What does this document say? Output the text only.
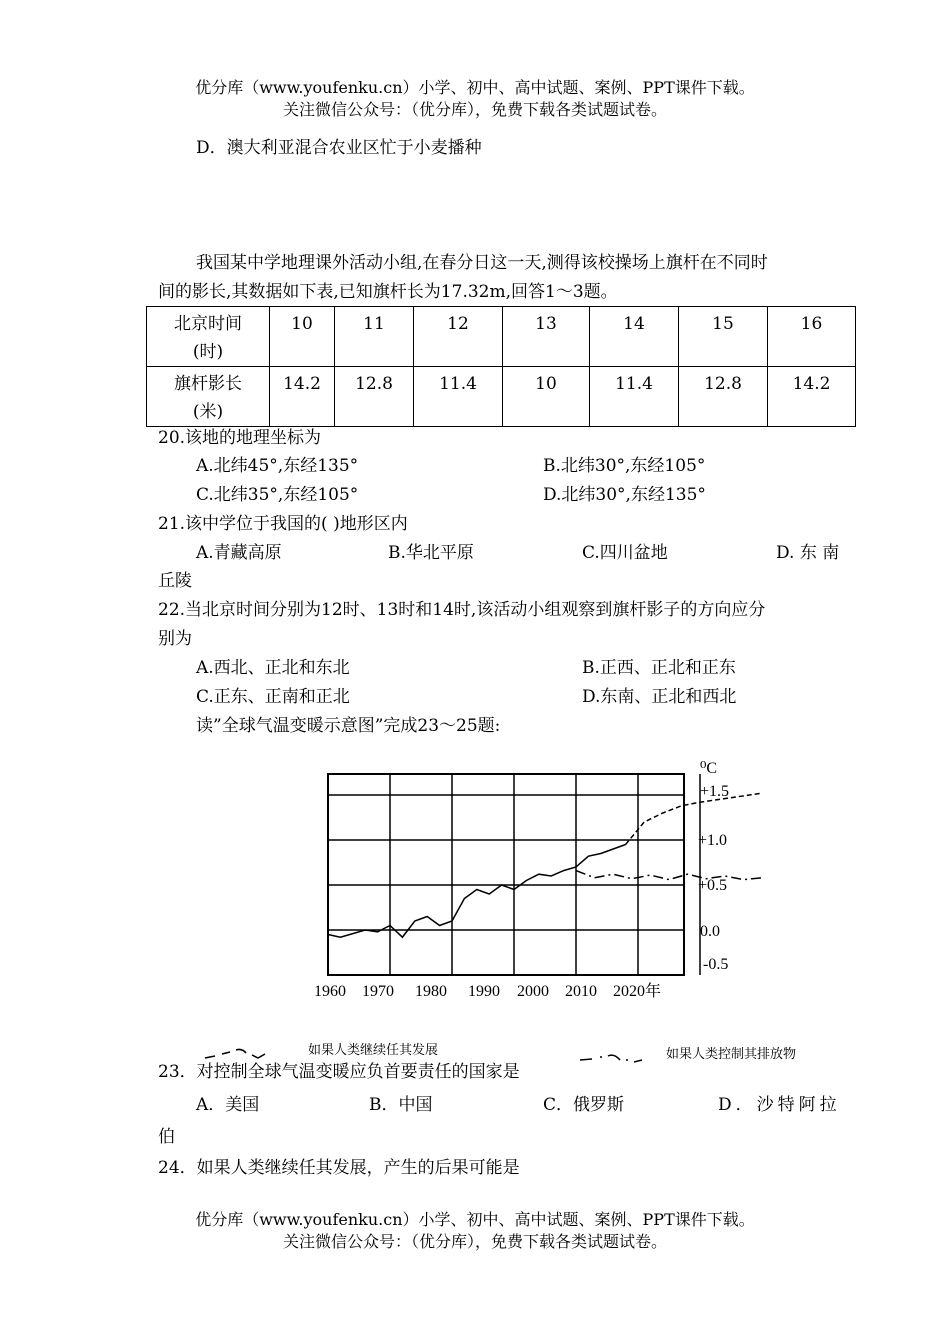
优分库（www.youfenku.cn）小学、初中、高中试题、案例、PPT课件下载。
关注微信公众号：（优分库），免费下载各类试题试卷。
D．澳大利亚混合农业区忙于小麦播种
我国某中学地理课外活动小组,在春分日这一天,测得该校操场上旗杆在不同时
间的影长,其数据如下表,已知旗杆长为17.32m,回答1～3题。
北京时间
(时)	10	11	12	13	14	15	16
旗杆影长
(米)	14.2	12.8	11.4	10	11.4	12.8	14.2
20.该地的地理坐标为
A.北纬45°,东经135°	B.北纬30°,东经105°
C.北纬35°,东经105°	D.北纬30°,东经135°
21.该中学位于我国的( )地形区内
A.青藏高原	B.华北平原	C.四川盆地	D. 东 南
丘陵
22.当北京时间分别为12时、13时和14时,该活动小组观察到旗杆影子的方向应分
别为
A.西北、正北和东北	B.正西、正北和正东
C.正东、正南和正北	D.东南、正北和西北
读”全球气温变暖示意图”完成23～25题:
⁰C
+1.5
+1.0
+0.5
0.0
-0.5
1960 1970 1980 1990 2000 2010 2020年
如果人类继续任其发展	如果人类控制其排放物
23．对控制全球气温变暖应负首要责任的国家是
A．美国	B．中国	C．俄罗斯	D．沙特阿拉
伯
24．如果人类继续任其发展，产生的后果可能是
优分库（www.youfenku.cn）小学、初中、高中试题、案例、PPT课件下载。
关注微信公众号：（优分库），免费下载各类试题试卷。
